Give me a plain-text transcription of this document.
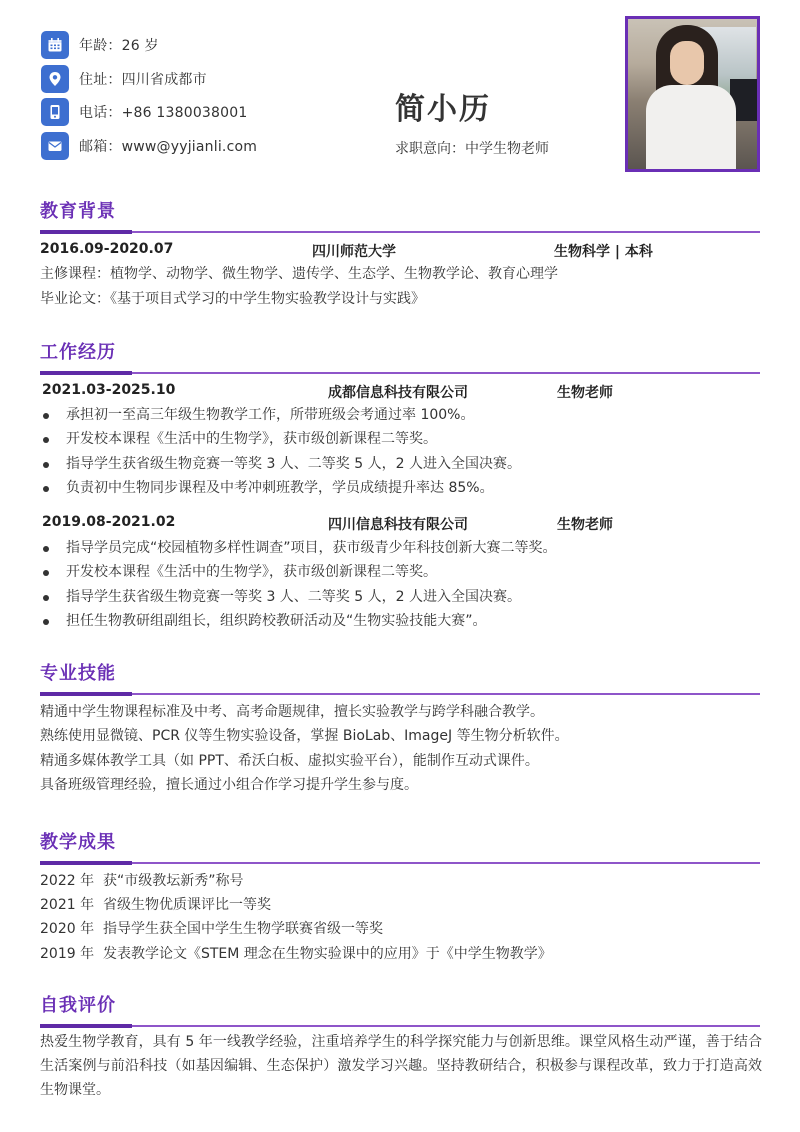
年龄：26 岁
住址：四川省成都市
电话：+86 1380038001
邮箱：www@yyjianli.com
简小历
求职意向：中学生物老师
教育背景
2016.09-2020.07	四川师范大学	生物科学 | 本科
主修课程：植物学、动物学、微生物学、遗传学、生态学、生物教学论、教育心理学
毕业论文：《基于项目式学习的中学生物实验教学设计与实践》
工作经历
2021.03-2025.10	成都信息科技有限公司	生物老师
承担初一至高三年级生物教学工作，所带班级会考通过率 100%。
开发校本课程《生活中的生物学》，获市级创新课程二等奖。
指导学生获省级生物竞赛一等奖 3 人、二等奖 5 人，2 人进入全国决赛。
负责初中生物同步课程及中考冲刺班教学，学员成绩提升率达 85%。
2019.08-2021.02	四川信息科技有限公司	生物老师
指导学员完成“校园植物多样性调查”项目，获市级青少年科技创新大赛二等奖。
开发校本课程《生活中的生物学》，获市级创新课程二等奖。
指导学生获省级生物竞赛一等奖 3 人、二等奖 5 人，2 人进入全国决赛。
担任生物教研组副组长，组织跨校教研活动及“生物实验技能大赛”。
专业技能
精通中学生物课程标准及中考、高考命题规律，擅长实验教学与跨学科融合教学。
熟练使用显微镜、PCR 仪等生物实验设备，掌握 BioLab、ImageJ 等生物分析软件。
精通多媒体教学工具（如 PPT、希沃白板、虚拟实验平台），能制作互动式课件。
具备班级管理经验，擅长通过小组合作学习提升学生参与度。
教学成果
2022 年  获“市级教坛新秀”称号
2021 年  省级生物优质课评比一等奖
2020 年  指导学生获全国中学生生物学联赛省级一等奖
2019 年  发表教学论文《STEM 理念在生物实验课中的应用》于《中学生物教学》
自我评价
热爱生物学教育，具有 5 年一线教学经验，注重培养学生的科学探究能力与创新思维。课堂风格生动严谨，善于结合生活案例与前沿科技（如基因编辑、生态保护）激发学习兴趣。坚持教研结合，积极参与课程改革，致力于打造高效生物课堂。
